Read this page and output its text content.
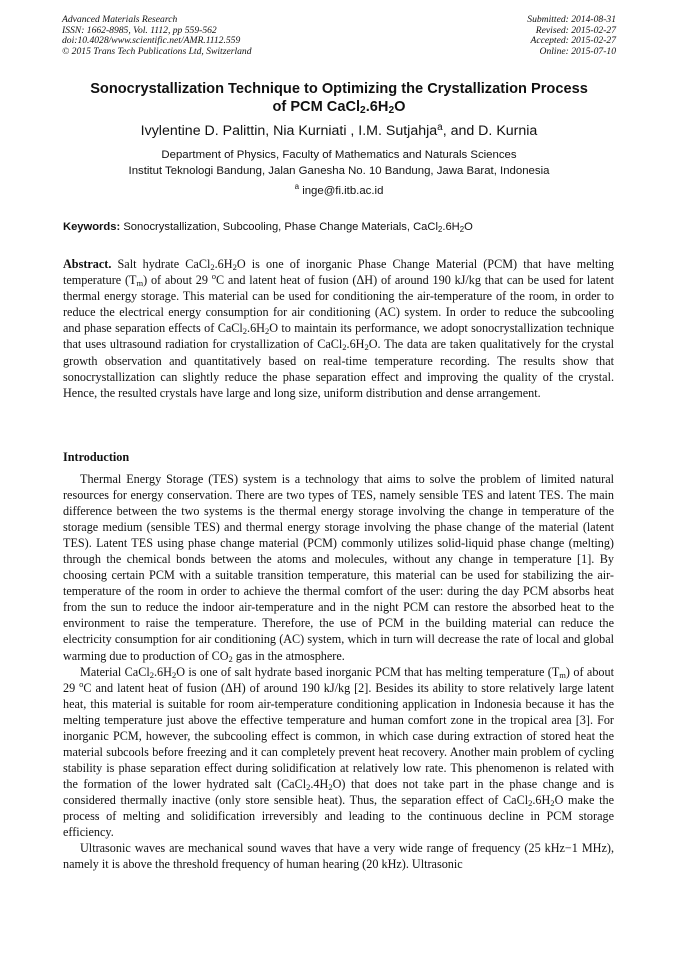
Advanced Materials Research
ISSN: 1662-8985, Vol. 1112, pp 559-562
doi:10.4028/www.scientific.net/AMR.1112.559
© 2015 Trans Tech Publications Ltd, Switzerland
Submitted: 2014-08-31
Revised: 2015-02-27
Accepted: 2015-02-27
Online: 2015-07-10
Sonocrystallization Technique to Optimizing the Crystallization Process
of PCM $CaCl_2.6H_2O$
Ivylentine D. Palittin, Nia Kurniati , I.M. Sutjahja$^a$, and D. Kurnia
Department of Physics, Faculty of Mathematics and Naturals Sciences
Institut Teknologi Bandung, Jalan Ganesha No. 10 Bandung, Jawa Barat, Indonesia
$^a$ inge@fi.itb.ac.id
Keywords: Sonocrystallization, Subcooling, Phase Change Materials, $CaCl_2.6H_2O$

Abstract. Salt hydrate $CaCl_2.6H_2O$ is one of inorganic Phase Change Material (PCM) that have melting temperature $(T_m)$ of about 29 $^o$C and latent heat of fusion (ΔH) of around 190 kJ/kg that can be used for latent thermal energy storage. This material can be used for conditioning the air-temperature of the room, in order to reduce the electrical energy consumption for air conditioning (AC) system. In order to reduce the subcooling and phase separation effects of $CaCl_2.6H_2O$ to maintain its performance, we adopt sonocrystallization technique that uses ultrasound radiation for crystallization of $CaCl_2.6H_2O$. The data are taken qualitatively for the crystal growth observation and quantitatively based on real-time temperature recording. The results show that sonocrystallization can slightly reduce the phase separation effect and improving the quality of the crystal. Hence, the resulted crystals have large and long size, uniform distribution and dense arrangement.

Introduction

Thermal Energy Storage (TES) system is a technology that aims to solve the problem of limited natural resources for energy conservation. There are two types of TES, namely sensible TES and latent TES. The main difference between the two systems is the thermal energy storage involving the change in temperature of the storage medium (sensible TES) and thermal energy storage involving the phase change of the material (latent TES). Latent TES using phase change material (PCM) commonly utilizes solid-liquid phase change (melting) through the chemical bonds between the atoms and molecules, without any change in temperature [1]. By choosing certain PCM with a suitable transition temperature, this material can be used for stabilizing the air-temperature of the room in order to achieve the thermal comfort of the user: during the day PCM absorbs heat from the sun to reduce the indoor air-temperature and in the night PCM can restore the absorbed heat to the environment to raise the temperature. Therefore, the use of PCM in the building material can reduce the electricity consumption for air conditioning (AC) system, which in turn will decrease the rate of local and global warming due to production of $CO_2$ gas in the atmosphere.

Material $CaCl_2.6H_2O$ is one of salt hydrate based inorganic PCM that has melting temperature $(T_m)$ of about 29 $^o$C and latent heat of fusion (ΔH) of around 190 kJ/kg [2]. Besides its ability to store relatively large latent heat, this material is suitable for room air-temperature conditioning application in Indonesia because it has the melting temperature just above the effective temperature and human comfort zone in the tropical area [3]. For inorganic PCM, however, the subcooling effect is common, in which case during extraction of stored heat the material subcools before freezing and it can completely prevent heat recovery. Another main problem of cycling stability is phase separation effect during solidification at relatively low rate. This phenomenon is related with the formation of the lower hydrated salt $(CaCl_2.4H_2O)$ that does not take part in the phase change and is considered thermally inactive (only store sensible heat). Thus, the separation effect of $CaCl_2.6H_2O$ make the process of melting and solidification irreversibly and leading to the continuous decline in PCM storage efficiency.

Ultrasonic waves are mechanical sound waves that have a very wide range of frequency (25 kHz−1 MHz), namely it is above the threshold frequency of human hearing (20 kHz). Ultrasonic
